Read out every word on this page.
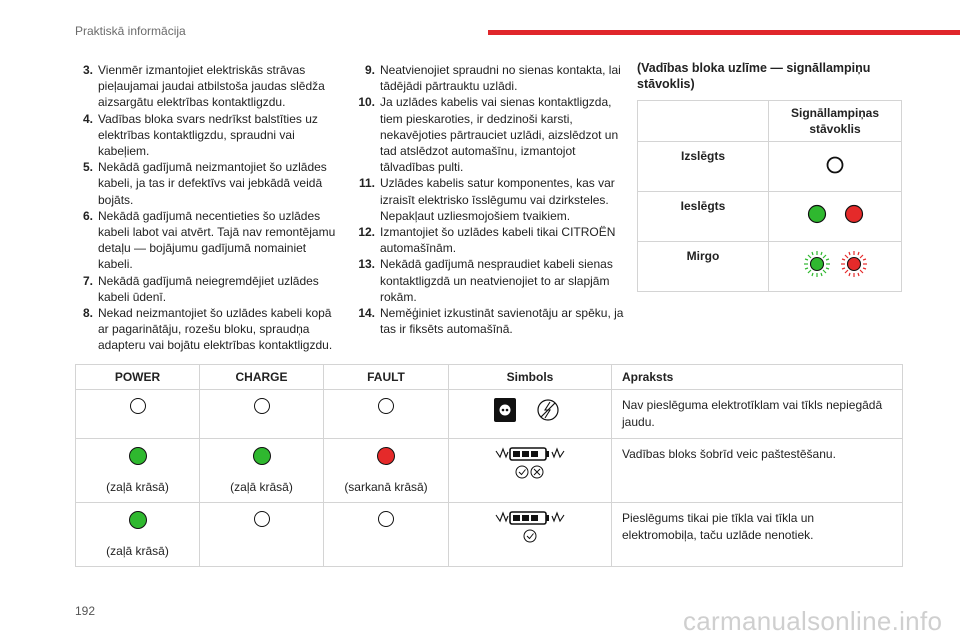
Praktiskā informācija
3. Vienmēr izmantojiet elektriskās strāvas pieļaujamai jaudai atbilstoša jaudas slēdža aizsargātu elektrības kontaktligzdu.
4. Vadības bloka svars nedrīkst balstīties uz elektrības kontaktligzdu, spraudni vai kabeļiem.
5. Nekādā gadījumā neizmantojiet šo uzlādes kabeli, ja tas ir defektīvs vai jebkādā veidā bojāts.
6. Nekādā gadījumā necentieties šo uzlādes kabeli labot vai atvērt. Tajā nav remontējamu detaļu — bojājumu gadījumā nomainiet kabeli.
7. Nekādā gadījumā neiegremdējiet uzlādes kabeli ūdenī.
8. Nekad neizmantojiet šo uzlādes kabeli kopā ar pagarinātāju, rozešu bloku, spraudņa adapteru vai bojātu elektrības kontaktligzdu.
9. Neatvienojiet spraudni no sienas kontakta, lai tādējādi pārtrauktu uzlādi.
10. Ja uzlādes kabelis vai sienas kontaktligzda, tiem pieskaroties, ir dedzinoši karsti, nekavējoties pārtrauciet uzlādi, aizslēdzot un tad atslēdzot automašīnu, izmantojot tālvadības pulti.
11. Uzlādes kabelis satur komponentes, kas var izraisīt elektrisko īsslēgumu vai dzirksteles. Nepakļaut uzliesmojošiem tvaikiem.
12. Izmantojiet šo uzlādes kabeli tikai CITROËN automašīnām.
13. Nekādā gadījumā nespraudiet kabeli sienas kontaktligzdā un neatvienojiet to ar slapjām rokām.
14. Neměģiniet izkustināt savienotāju ar spēku, ja tas ir fiksēts automašīnā.
(Vadības bloka uzlīme — signāllampiņu stāvoklis)
	Signāllampiņas stāvoklis
Izslēgts	
Ieslēgts	
Mirgo	
POWER	CHARGE	FAULT	Simbols	Apraksts
				Nav pieslēguma elektrotīklam vai tīkls nepiegādā jaudu.

(zaļā krāsā)	(zaļā krāsā)	(sarkanā krāsā)		Vadības bloks šobrīd veic paštestēšanu.

(zaļā krāsā)				Pieslēgums tikai pie tīkla vai tīkla un elektromobiļa, taču uzlāde nenotiek.
192	carmanualsonline.info
